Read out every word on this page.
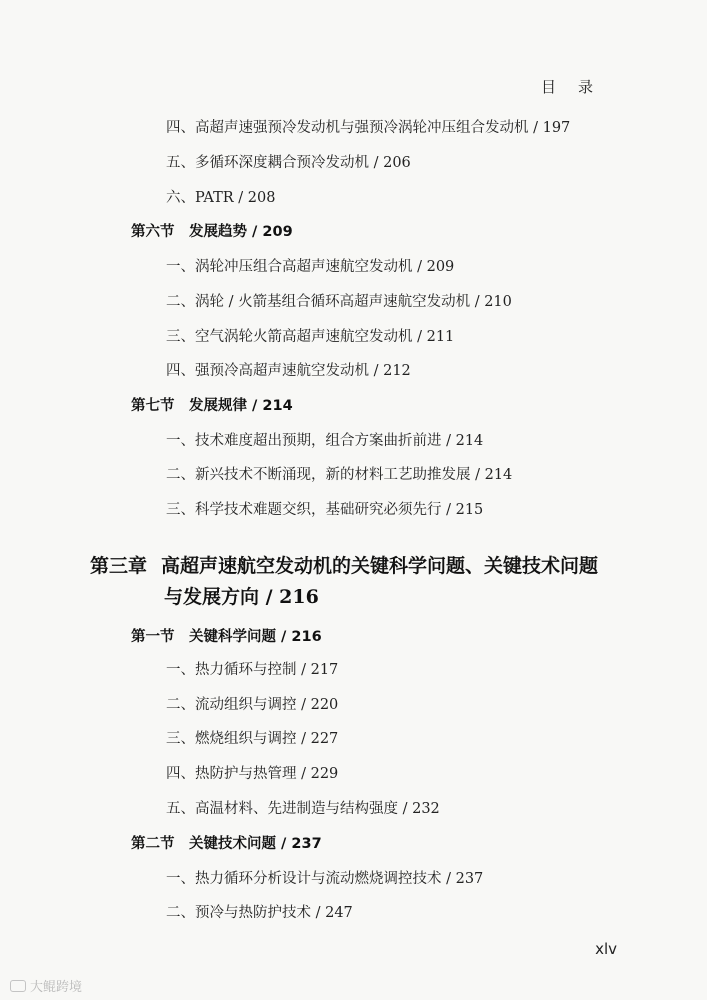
目录
四、高超声速强预冷发动机与强预冷涡轮冲压组合发动机 / 197
五、多循环深度耦合预冷发动机 / 206
六、PATR / 208
第六节　发展趋势 / 209
一、涡轮冲压组合高超声速航空发动机 / 209
二、涡轮 / 火箭基组合循环高超声速航空发动机 / 210
三、空气涡轮火箭高超声速航空发动机 / 211
四、强预冷高超声速航空发动机 / 212
第七节　发展规律 / 214
一、技术难度超出预期，组合方案曲折前进 / 214
二、新兴技术不断涌现，新的材料工艺助推发展 / 214
三、科学技术难题交织，基础研究必须先行 / 215
第三章 高超声速航空发动机的关键科学问题、关键技术问题
与发展方向 / 216
第一节　关键科学问题 / 216
一、热力循环与控制 / 217
二、流动组织与调控 / 220
三、燃烧组织与调控 / 227
四、热防护与热管理 / 229
五、高温材料、先进制造与结构强度 / 232
第二节　关键技术问题 / 237
一、热力循环分析设计与流动燃烧调控技术 / 237
二、预冷与热防护技术 / 247
xlv
大鲲跨境
